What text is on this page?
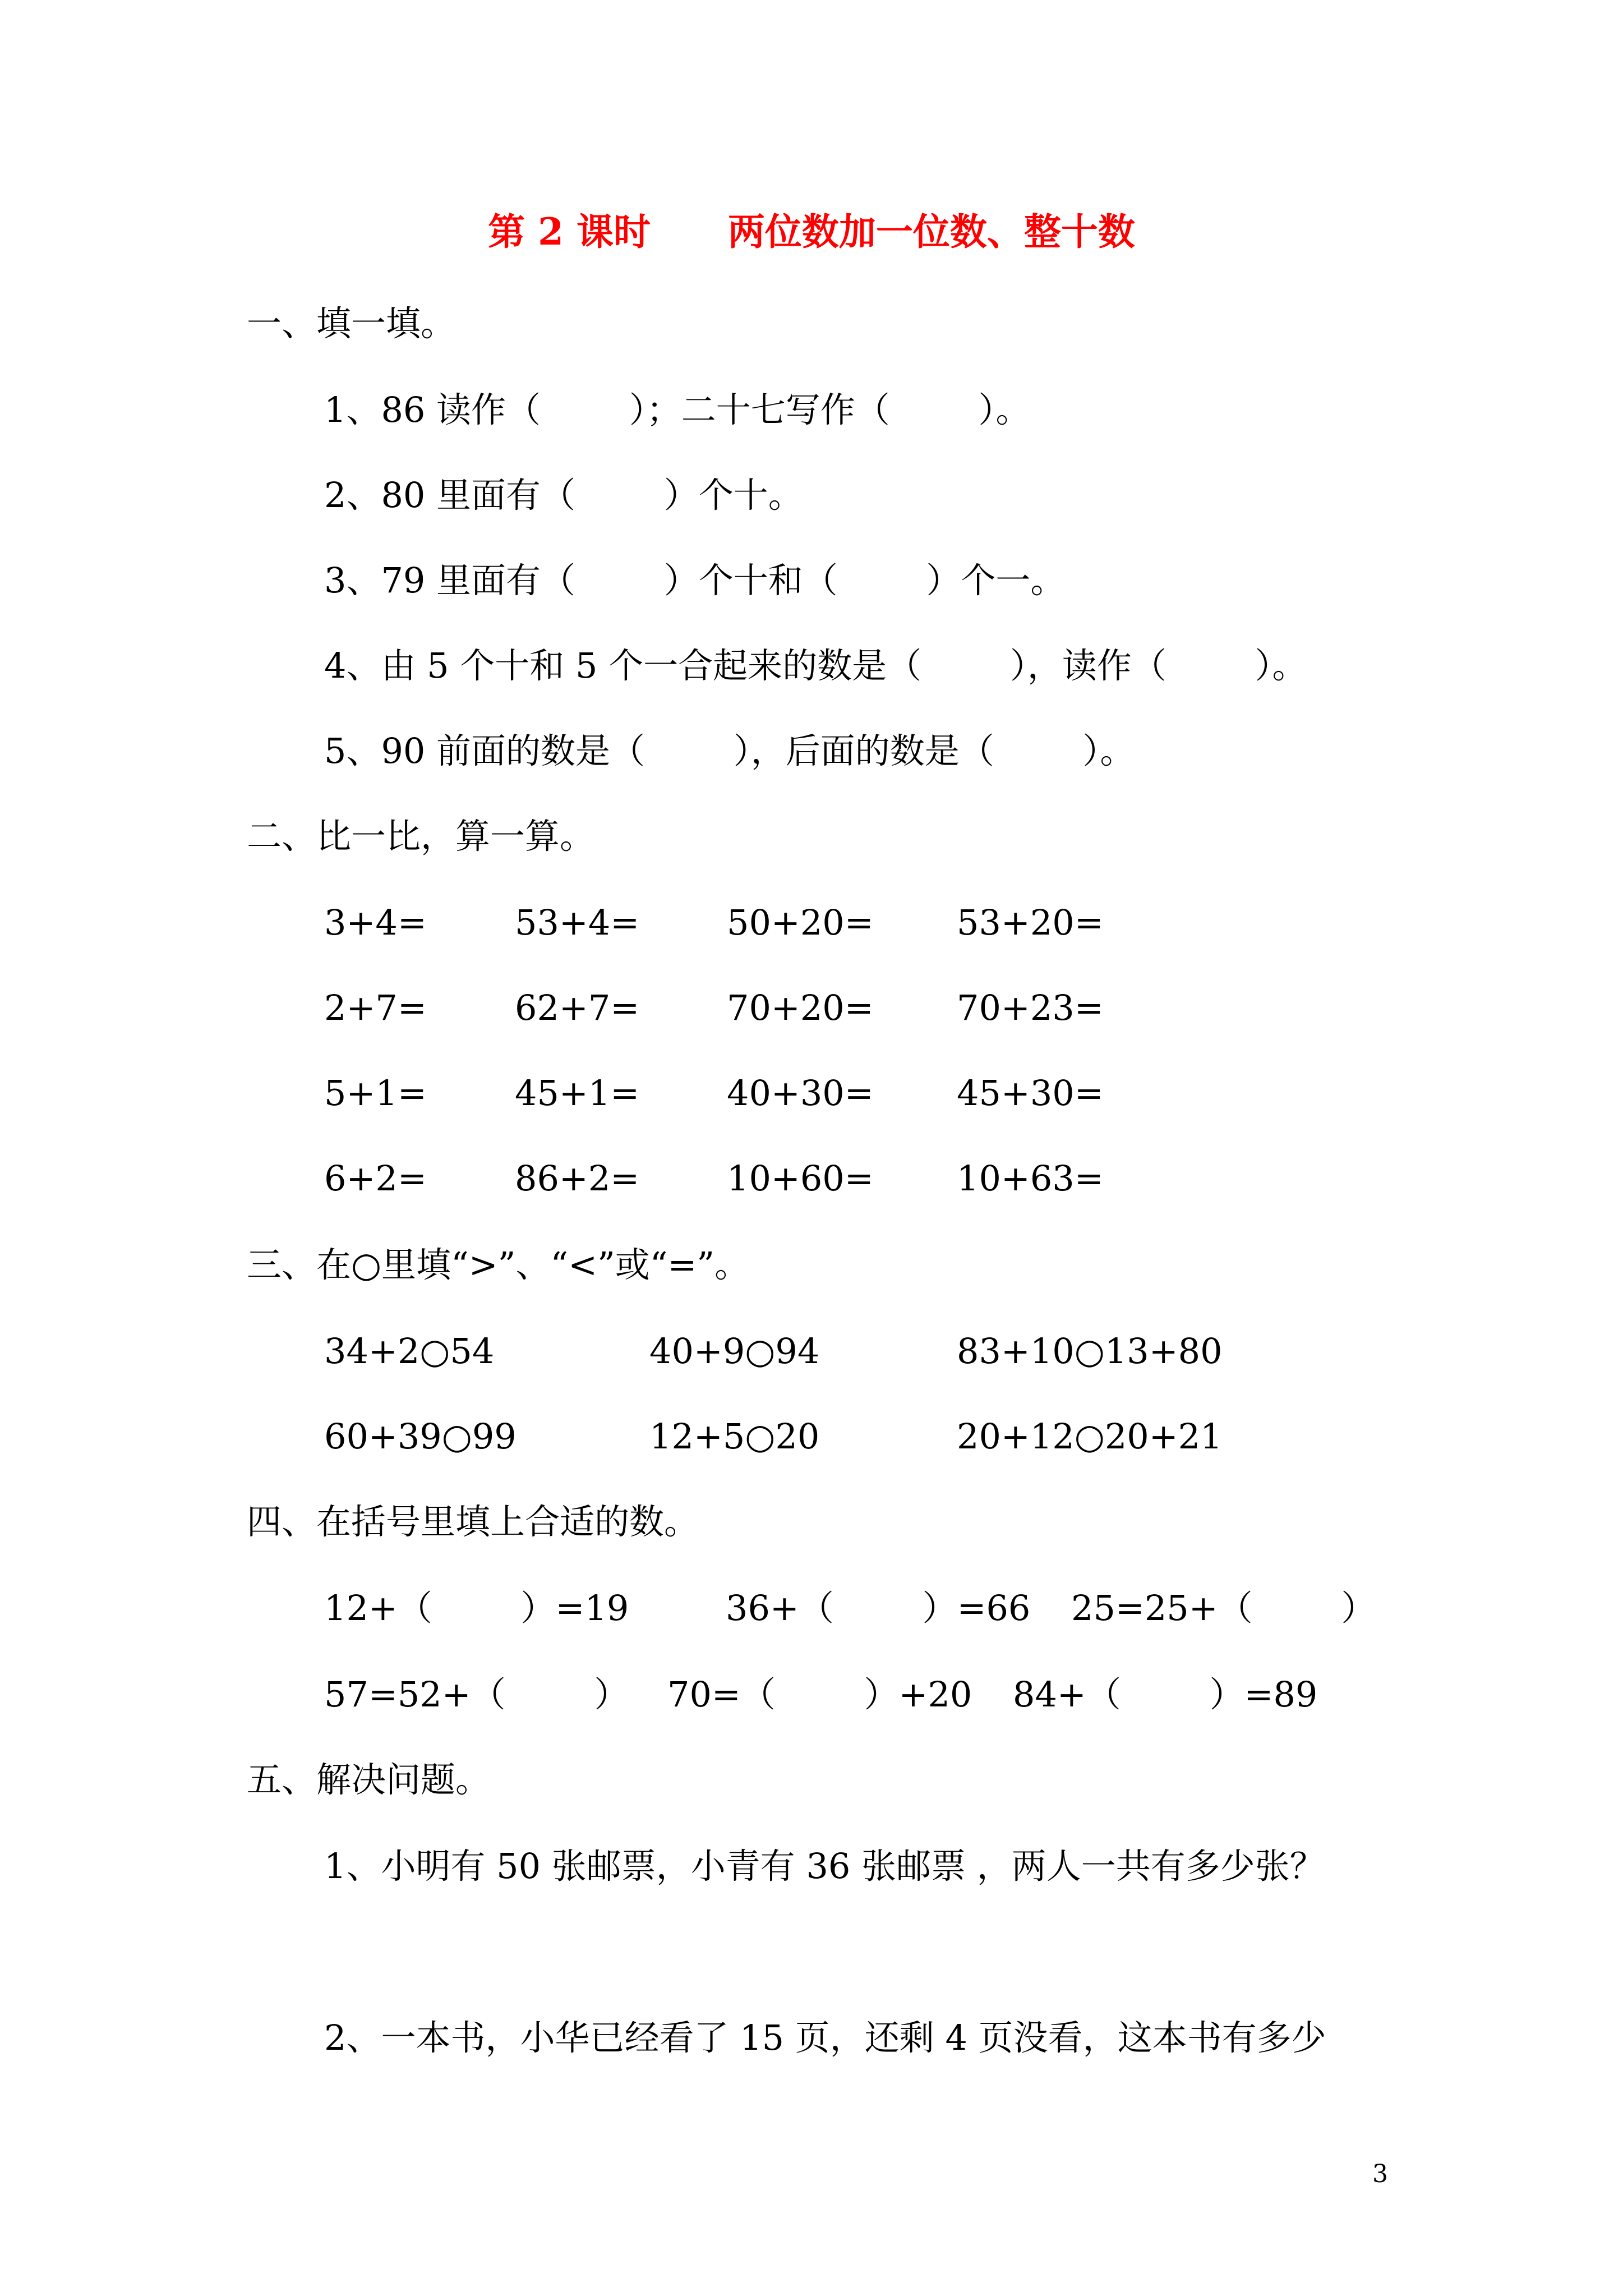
第 2 课时      两位数加一位数、整十数
一、填一填。
1、86 读作（        ）；二十七写作（        ）。
2、80 里面有（        ）个十。
3、79 里面有（        ）个十和（        ）个一。
4、由 5 个十和 5 个一合起来的数是（        ），读作（        ）。
5、90 前面的数是（        ），后面的数是（        ）。
二、比一比，算一算。
3+4=	53+4=	50+20= 53+20=
2+7=	62+7=	70+20= 70+23=
5+1=	45+1=	40+30= 45+30=
6+2=	86+2=	10+60= 10+63=
三、在○里填“>”、“<”或“=”。
34+2○54	40+9○94	83+10○13+80
60+39○99	12+5○20	20+12○20+21
四、在括号里填上合适的数。
12+（        ）=19	36+（        ）=66 25=25+（        ）
57=52+（        ） 70=（        ）+20 84+（        ）=89
五、解决问题。
1、小明有 50 张邮票，小青有 36 张邮票 ，两人一共有多少张？
2、一本书，小华已经看了 15 页，还剩 4 页没看，这本书有多少
3
